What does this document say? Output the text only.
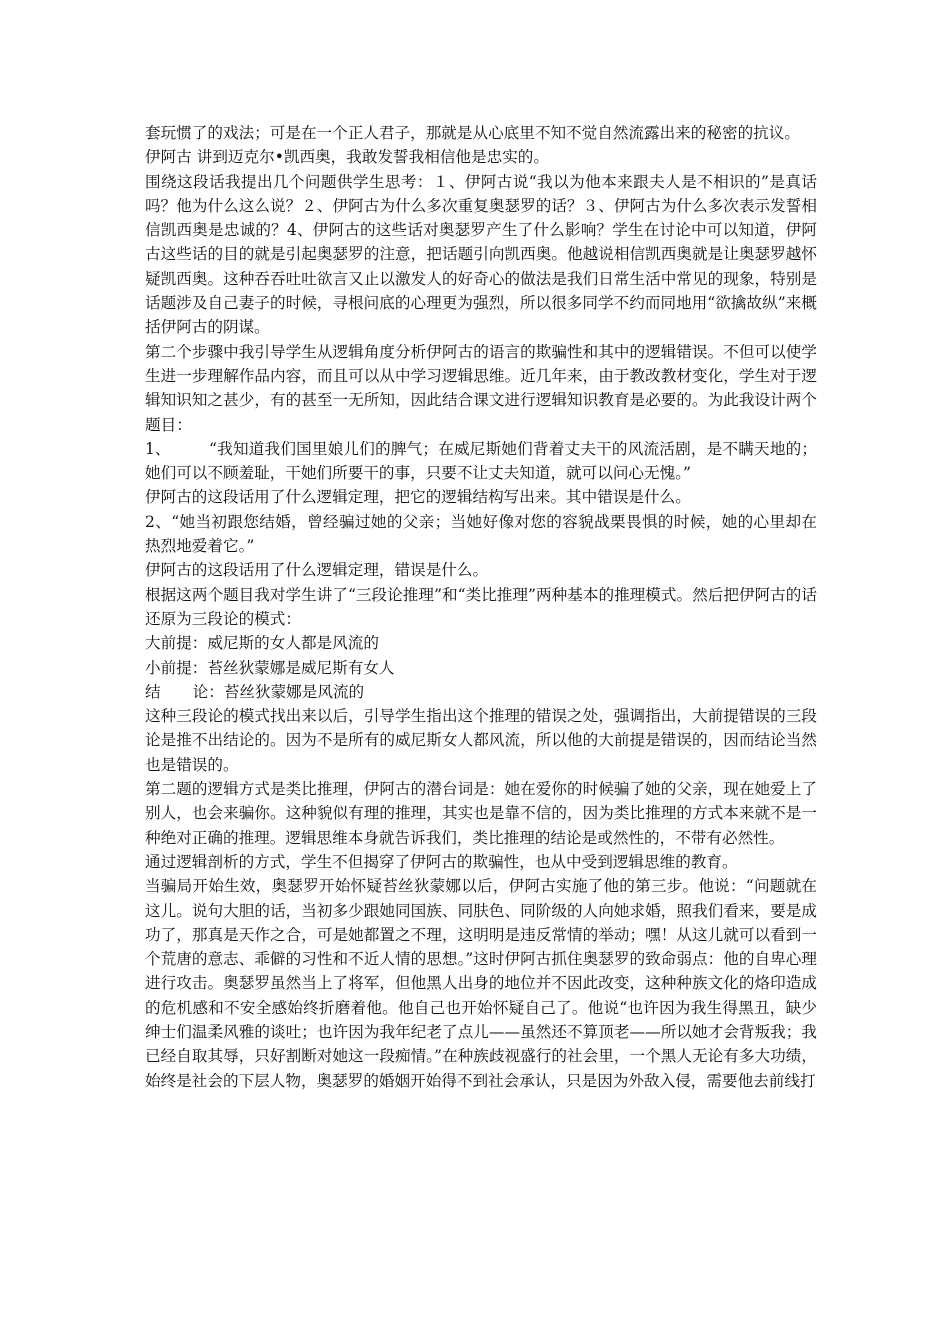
套玩惯了的戏法；可是在一个正人君子，那就是从心底里不知不觉自然流露出来的秘密的抗议。

伊阿古 讲到迈克尔•凯西奥，我敢发誓我相信他是忠实的。

围绕这段话我提出几个问题供学生思考：１、伊阿古说“我以为他本来跟夫人是不相识的”是真话吗？他为什么这么说？２、伊阿古为什么多次重复奥瑟罗的话？３、伊阿古为什么多次表示发誓相信凯西奥是忠诚的？4、伊阿古的这些话对奥瑟罗产生了什么影响？学生在讨论中可以知道，伊阿古这些话的目的就是引起奥瑟罗的注意，把话题引向凯西奥。他越说相信凯西奥就是让奥瑟罗越怀疑凯西奥。这种吞吞吐吐欲言又止以激发人的好奇心的做法是我们日常生活中常见的现象，特别是话题涉及自己妻子的时候，寻根问底的心理更为强烈，所以很多同学不约而同地用“欲擒故纵”来概括伊阿古的阴谋。

第二个步骤中我引导学生从逻辑角度分析伊阿古的语言的欺骗性和其中的逻辑错误。不但可以使学生进一步理解作品内容，而且可以从中学习逻辑思维。近几年来，由于教改教材变化，学生对于逻辑知识知之甚少，有的甚至一无所知，因此结合课文进行逻辑知识教育是必要的。为此我设计两个题目：

1、 “我知道我们国里娘儿们的脾气；在威尼斯她们背着丈夫干的风流活剧，是不瞒天地的；她们可以不顾羞耻，干她们所要干的事，只要不让丈夫知道，就可以问心无愧。”

伊阿古的这段话用了什么逻辑定理，把它的逻辑结构写出来。其中错误是什么。

2、“她当初跟您结婚，曾经骗过她的父亲；当她好像对您的容貌战栗畏惧的时候，她的心里却在热烈地爱着它。”

伊阿古的这段话用了什么逻辑定理，错误是什么。

根据这两个题目我对学生讲了“三段论推理”和“类比推理”两种基本的推理模式。然后把伊阿古的话还原为三段论的模式：

大前提：威尼斯的女人都是风流的

小前提：苔丝狄蒙娜是威尼斯有女人

结 论：苔丝狄蒙娜是风流的

这种三段论的模式找出来以后，引导学生指出这个推理的错误之处，强调指出，大前提错误的三段论是推不出结论的。因为不是所有的威尼斯女人都风流，所以他的大前提是错误的，因而结论当然也是错误的。

第二题的逻辑方式是类比推理，伊阿古的潜台词是：她在爱你的时候骗了她的父亲，现在她爱上了别人，也会来骗你。这种貌似有理的推理，其实也是靠不信的，因为类比推理的方式本来就不是一种绝对正确的推理。逻辑思维本身就告诉我们，类比推理的结论是或然性的，不带有必然性。

通过逻辑剖析的方式，学生不但揭穿了伊阿古的欺骗性，也从中受到逻辑思维的教育。

当骗局开始生效，奥瑟罗开始怀疑苔丝狄蒙娜以后，伊阿古实施了他的第三步。他说：“问题就在这儿。说句大胆的话，当初多少跟她同国族、同肤色、同阶级的人向她求婚，照我们看来，要是成功了，那真是天作之合，可是她都置之不理，这明明是违反常情的举动；嘿！从这儿就可以看到一个荒唐的意志、乖僻的习性和不近人情的思想。”这时伊阿古抓住奥瑟罗的致命弱点：他的自卑心理进行攻击。奥瑟罗虽然当上了将军，但他黑人出身的地位并不因此改变，这种种族文化的烙印造成的危机感和不安全感始终折磨着他。他自己也开始怀疑自己了。他说“也许因为我生得黑丑，缺少绅士们温柔风雅的谈吐；也许因为我年纪老了点儿——虽然还不算顶老——所以她才会背叛我；我已经自取其辱，只好割断对她这一段痴情。”在种族歧视盛行的社会里，一个黑人无论有多大功绩，始终是社会的下层人物，奥瑟罗的婚姻开始得不到社会承认，只是因为外敌入侵，需要他去前线打
